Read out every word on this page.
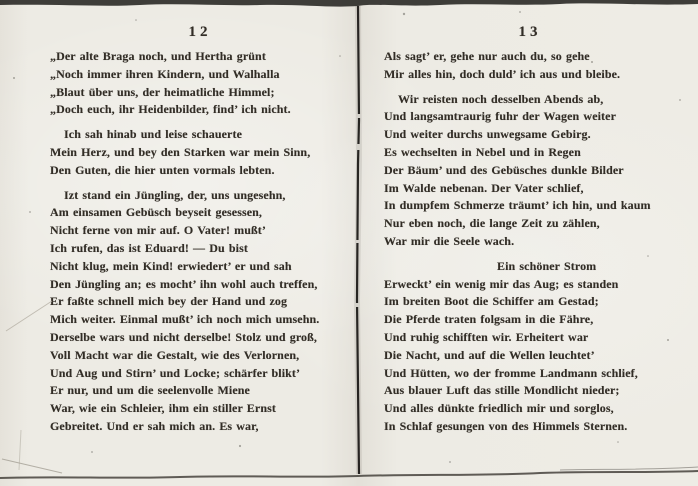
12
„Der alte Braga noch, und Hertha grünt
„Noch immer ihren Kindern, und Walhalla
„Blaut über uns, der heimatliche Himmel;
„Doch euch, ihr Heidenbilder, find’ ich nicht.
Ich sah hinab und leise schauerte
Mein Herz, und bey den Starken war mein Sinn,
Den Guten, die hier unten vormals lebten.
Izt stand ein Jüngling, der, uns ungesehn,
Am einsamen Gebüsch beyseit gesessen,
Nicht ferne von mir auf. O Vater! mußt’
Ich rufen, das ist Eduard! — Du bist
Nicht klug, mein Kind! erwiedert’ er und sah
Den Jüngling an; es mocht’ ihn wohl auch treffen,
Er faßte schnell mich bey der Hand und zog
Mich weiter. Einmal mußt’ ich noch mich umsehn.
Derselbe wars und nicht derselbe! Stolz und groß,
Voll Macht war die Gestalt, wie des Verlornen,
Und Aug und Stirn’ und Locke; schärfer blikt’
Er nur, und um die seelenvolle Miene
War, wie ein Schleier, ihm ein stiller Ernst
Gebreitet. Und er sah mich an. Es war,
13
Als sagt’ er, gehe nur auch du, so gehe
Mir alles hin, doch duld’ ich aus und bleibe.
Wir reisten noch desselben Abends ab,
Und langsamtraurig fuhr der Wagen weiter
Und weiter durchs unwegsame Gebirg.
Es wechselten in Nebel und in Regen
Der Bäum’ und des Gebüsches dunkle Bilder
Im Walde nebenan. Der Vater schlief,
In dumpfem Schmerze träumt’ ich hin, und kaum
Nur eben noch, die lange Zeit zu zählen,
War mir die Seele wach.
Ein schöner Strom
Erweckt’ ein wenig mir das Aug; es standen
Im breiten Boot die Schiffer am Gestad;
Die Pferde traten folgsam in die Fähre,
Und ruhig schifften wir. Erheitert war
Die Nacht, und auf die Wellen leuchtet’
Und Hütten, wo der fromme Landmann schlief,
Aus blauer Luft das stille Mondlicht nieder;
Und alles dünkte friedlich mir und sorglos,
In Schlaf gesungen von des Himmels Sternen.
